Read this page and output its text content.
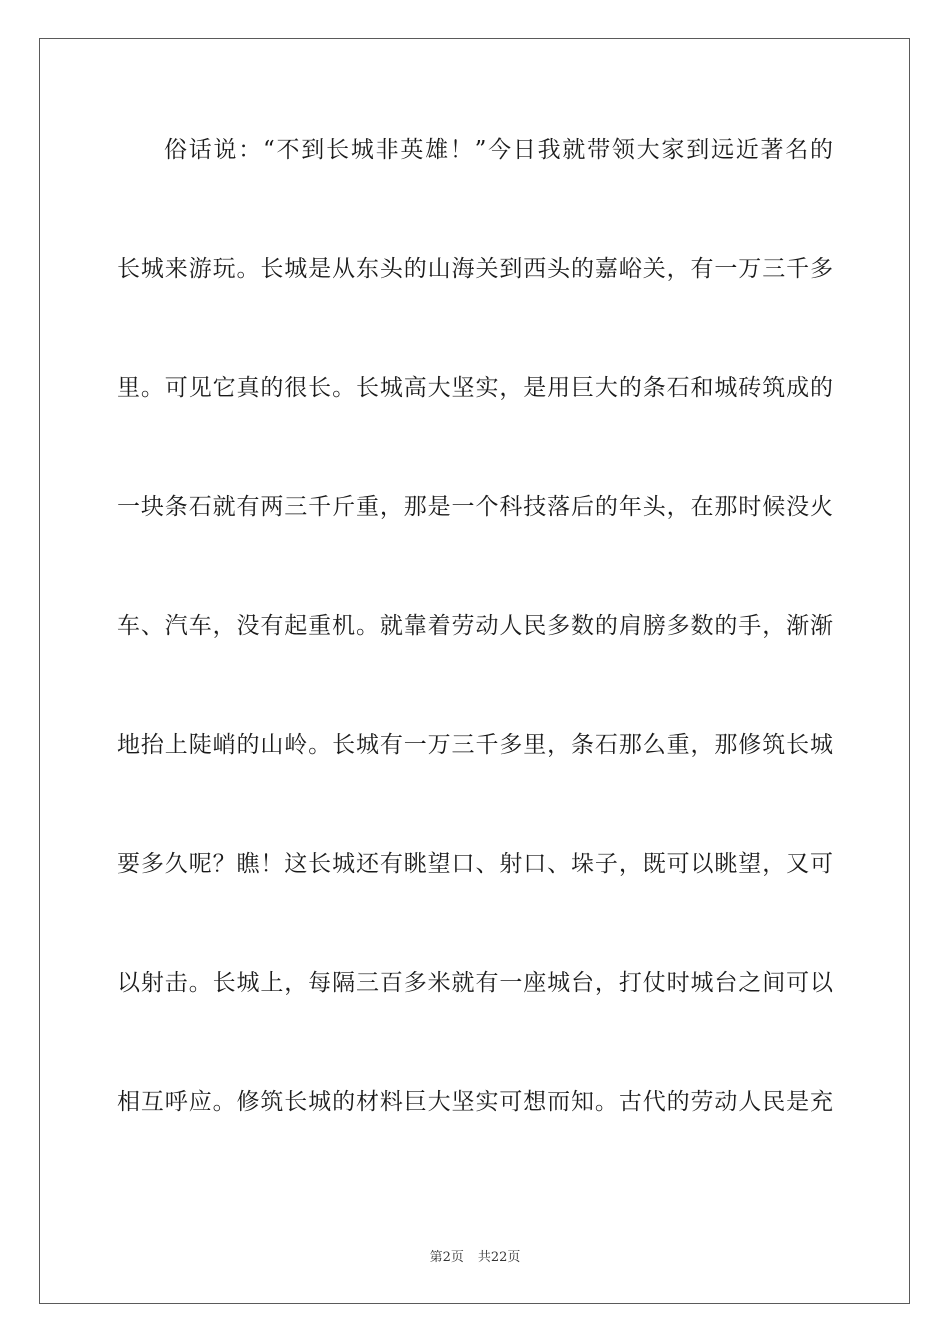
俗话说：“不到长城非英雄！”今日我就带领大家到远近著名的
长城来游玩。长城是从东头的山海关到西头的嘉峪关，有一万三千多
里。可见它真的很长。长城高大坚实，是用巨大的条石和城砖筑成的
一块条石就有两三千斤重，那是一个科技落后的年头，在那时候没火
车、汽车，没有起重机。就靠着劳动人民多数的肩膀多数的手，渐渐
地抬上陡峭的山岭。长城有一万三千多里，条石那么重，那修筑长城
要多久呢？瞧！这长城还有眺望口、射口、垛子，既可以眺望，又可
以射击。长城上，每隔三百多米就有一座城台，打仗时城台之间可以
相互呼应。修筑长城的材料巨大坚实可想而知。古代的劳动人民是充
第2页 共22页
